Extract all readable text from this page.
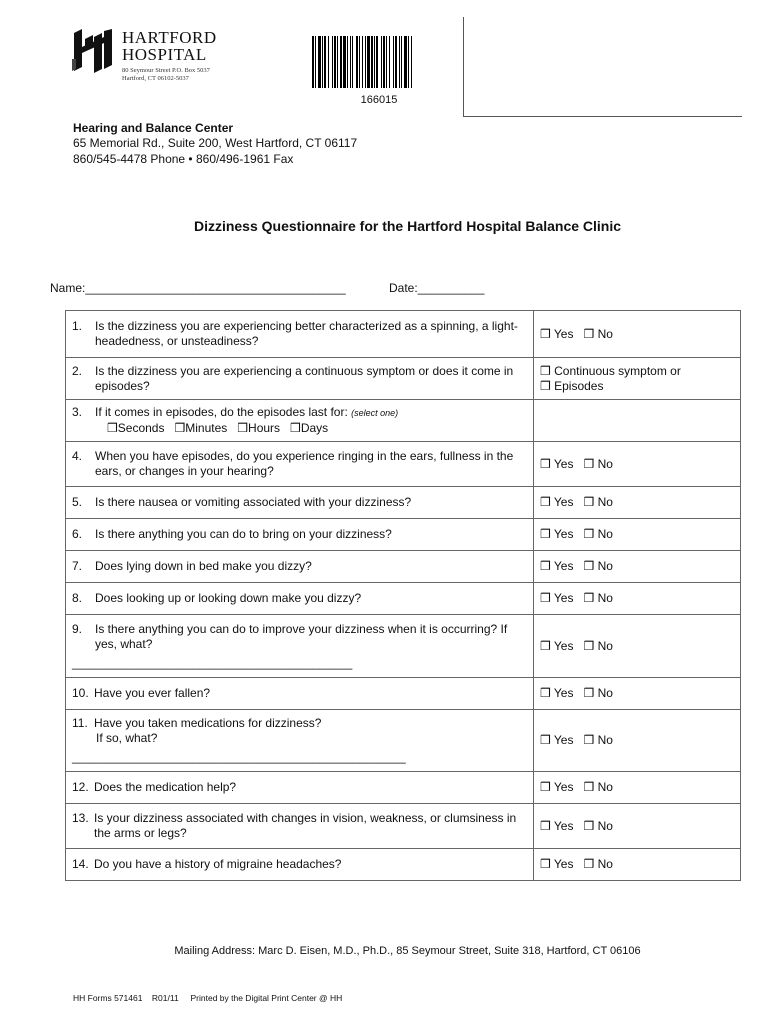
HARTFORD
HOSPITAL
80 Seymour Street P.O. Box 5037
Hartford, CT 06102-5037
166015
Hearing and Balance Center
65 Memorial Rd., Suite 200, West Hartford, CT 06117
860/545-4478 Phone • 860/496-1961 Fax
Dizziness Questionnaire for the Hartford Hospital Balance Clinic
Name:_______________________________________	Date:__________
1. Is the dizziness you are experiencing better characterized as a spinning, a light-headedness, or unsteadiness?	❒ Yes ❒ No

2. Is the dizziness you are experiencing a continuous symptom or does it come in episodes?	❒ Continuous symptom or
❒ Episodes

3. If it comes in episodes, do the episodes last for: (select one)
❒Seconds ❒Minutes ❒Hours ❒Days	

4. When you have episodes, do you experience ringing in the ears, fullness in the ears, or changes in your hearing?	❒ Yes ❒ No

5. Is there nausea or vomiting associated with your dizziness?	❒ Yes ❒ No

6. Is there anything you can do to bring on your dizziness?	❒ Yes ❒ No

7. Does lying down in bed make you dizzy?	❒ Yes ❒ No

8. Does looking up or looking down make you dizzy?	❒ Yes ❒ No

9. Is there anything you can do to improve your dizziness when it is occurring? If yes, what?
__________________________________________	❒ Yes ❒ No

10. Have you ever fallen?	❒ Yes ❒ No

11. Have you taken medications for dizziness?
If so, what?
__________________________________________________	❒ Yes ❒ No

12. Does the medication help?	❒ Yes ❒ No

13. Is your dizziness associated with changes in vision, weakness, or clumsiness in the arms or legs?	❒ Yes ❒ No

14. Do you have a history of migraine headaches?	❒ Yes ❒ No
Mailing Address: Marc D. Eisen, M.D., Ph.D., 85 Seymour Street, Suite 318, Hartford, CT 06106
HH Forms 571461 R01/11 Printed by the Digital Print Center @ HH
